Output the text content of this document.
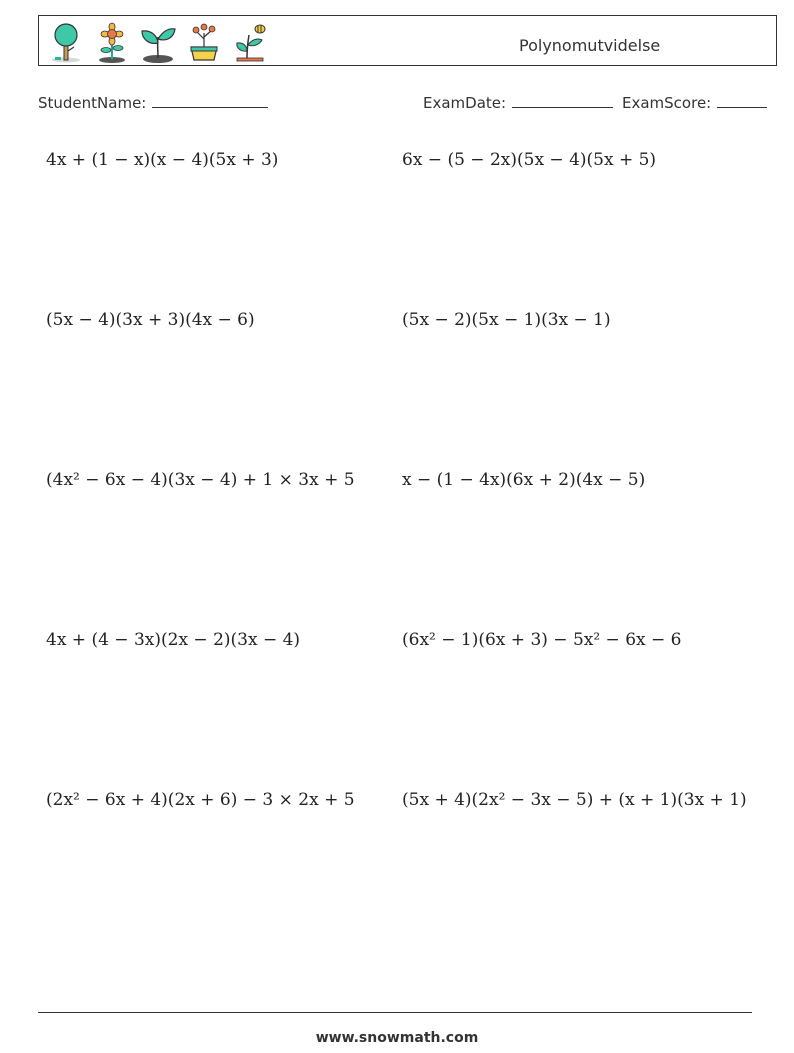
Polynomutvidelse
StudentName:	ExamDate:	ExamScore:
4x + (1 − x)(x − 4)(5x + 3)	6x − (5 − 2x)(5x − 4)(5x + 5)
(5x − 4)(3x + 3)(4x − 6)	(5x − 2)(5x − 1)(3x − 1)
(4x² − 6x − 4)(3x − 4) + 1 × 3x + 5	x − (1 − 4x)(6x + 2)(4x − 5)
4x + (4 − 3x)(2x − 2)(3x − 4)	(6x² − 1)(6x + 3) − 5x² − 6x − 6
(2x² − 6x + 4)(2x + 6) − 3 × 2x + 5	(5x + 4)(2x² − 3x − 5) + (x + 1)(3x + 1)
www.snowmath.com
